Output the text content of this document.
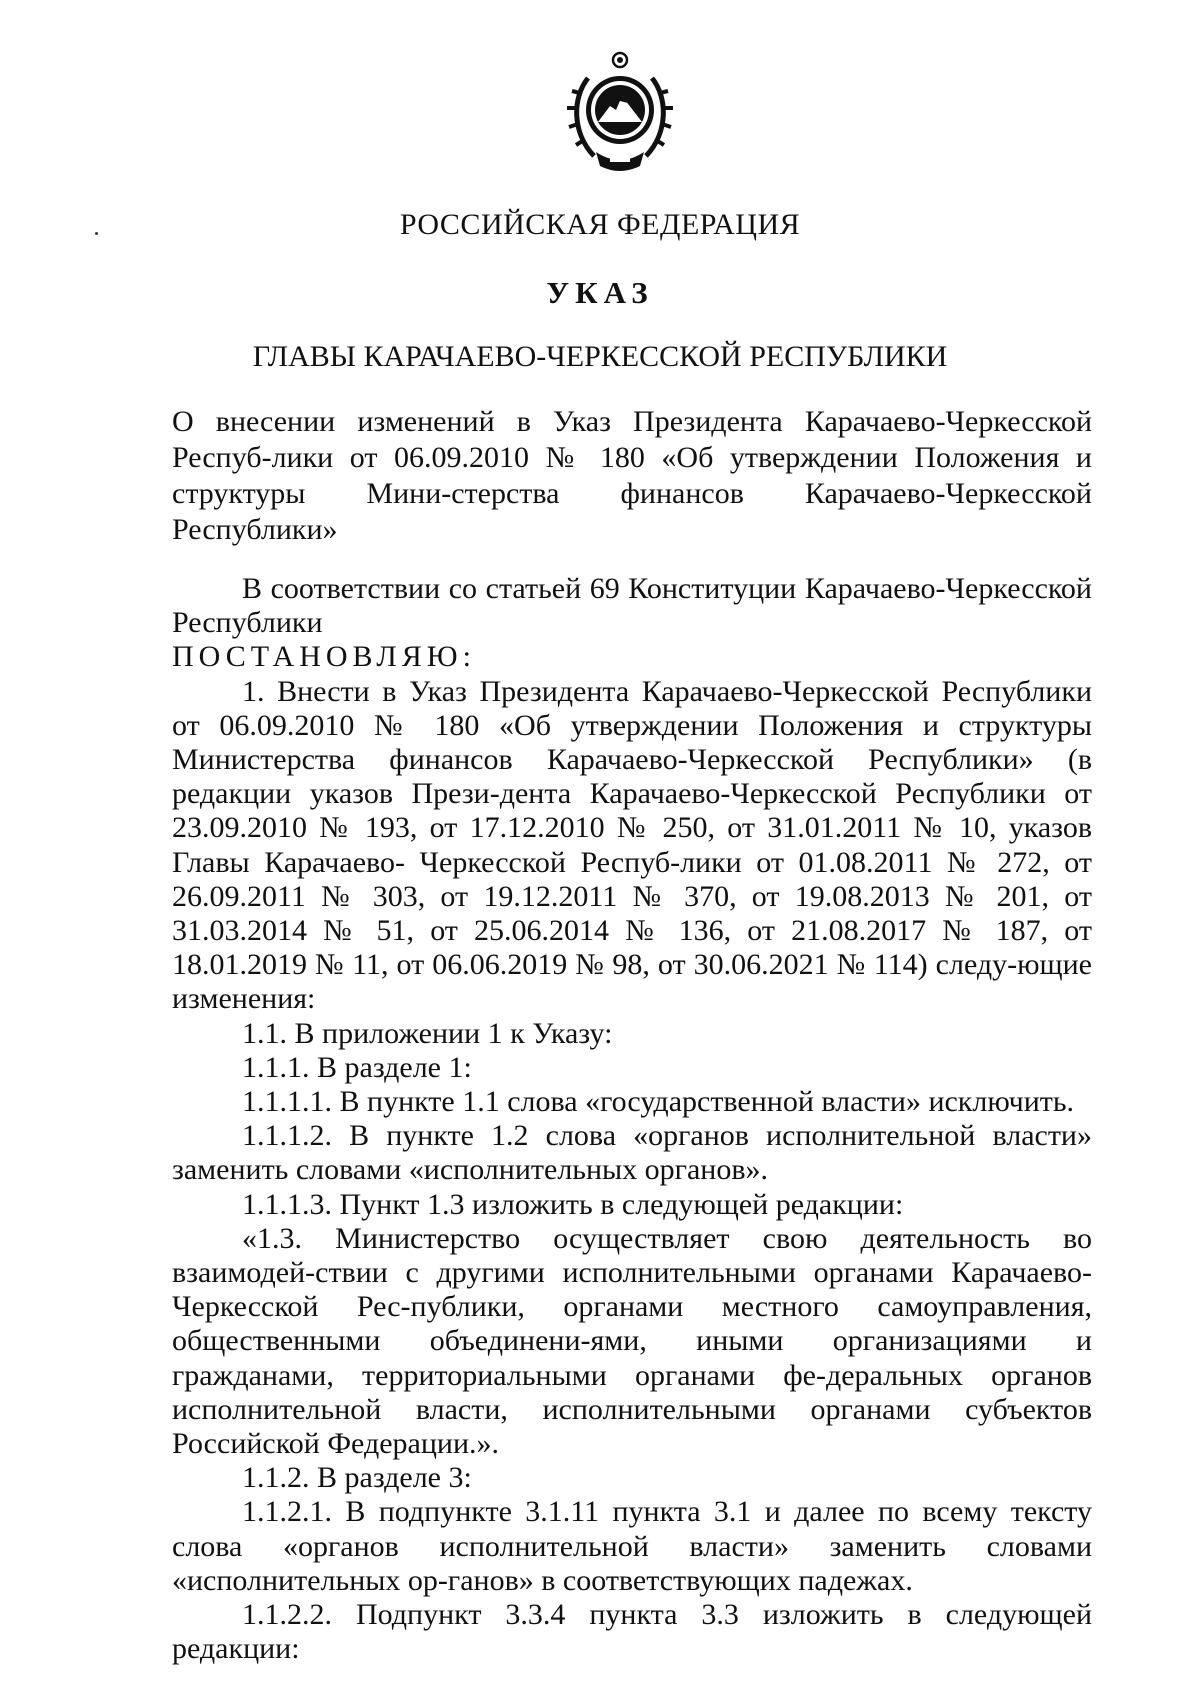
РОССИЙСКАЯ ФЕДЕРАЦИЯ
УКАЗ
ГЛАВЫ КАРАЧАЕВО-ЧЕРКЕССКОЙ РЕСПУБЛИКИ
О внесении изменений в Указ Президента Карачаево-Черкесской Респуб-лики от 06.09.2010 № 180 «Об утверждении Положения и структуры Мини-стерства финансов Карачаево-Черкесской Республики»

В соответствии со статьей 69 Конституции Карачаево-Черкесской Республики

ПОСТАНОВЛЯЮ:

1. Внести в Указ Президента Карачаево-Черкесской Республики от 06.09.2010 № 180 «Об утверждении Положения и структуры Министерства финансов Карачаево-Черкесской Республики» (в редакции указов Прези-дента Карачаево-Черкесской Республики от 23.09.2010 № 193, от 17.12.2010 № 250, от 31.01.2011 № 10, указов Главы Карачаево- Черкесской Респуб-лики от 01.08.2011 № 272, от 26.09.2011 № 303, от 19.12.2011 № 370, от 19.08.2013 № 201, от 31.03.2014 № 51, от 25.06.2014 № 136, от 21.08.2017 № 187, от 18.01.2019 № 11, от 06.06.2019 № 98, от 30.06.2021 № 114) следу-ющие изменения:

1.1. В приложении 1 к Указу:

1.1.1. В разделе 1:

1.1.1.1. В пункте 1.1 слова «государственной власти» исключить.

1.1.1.2. В пункте 1.2 слова «органов исполнительной власти» заменить словами «исполнительных органов».

1.1.1.3. Пункт 1.3 изложить в следующей редакции:

«1.3. Министерство осуществляет свою деятельность во взаимодей-ствии с другими исполнительными органами Карачаево-Черкесской Рес-публики, органами местного самоуправления, общественными объединени-ями, иными организациями и гражданами, территориальными органами фе-деральных органов исполнительной власти, исполнительными органами субъектов Российской Федерации.».

1.1.2. В разделе 3:

1.1.2.1. В подпункте 3.1.11 пункта 3.1 и далее по всему тексту слова «органов исполнительной власти» заменить словами «исполнительных ор-ганов» в соответствующих падежах.

1.1.2.2. Подпункт 3.3.4 пункта 3.3 изложить в следующей редакции:
